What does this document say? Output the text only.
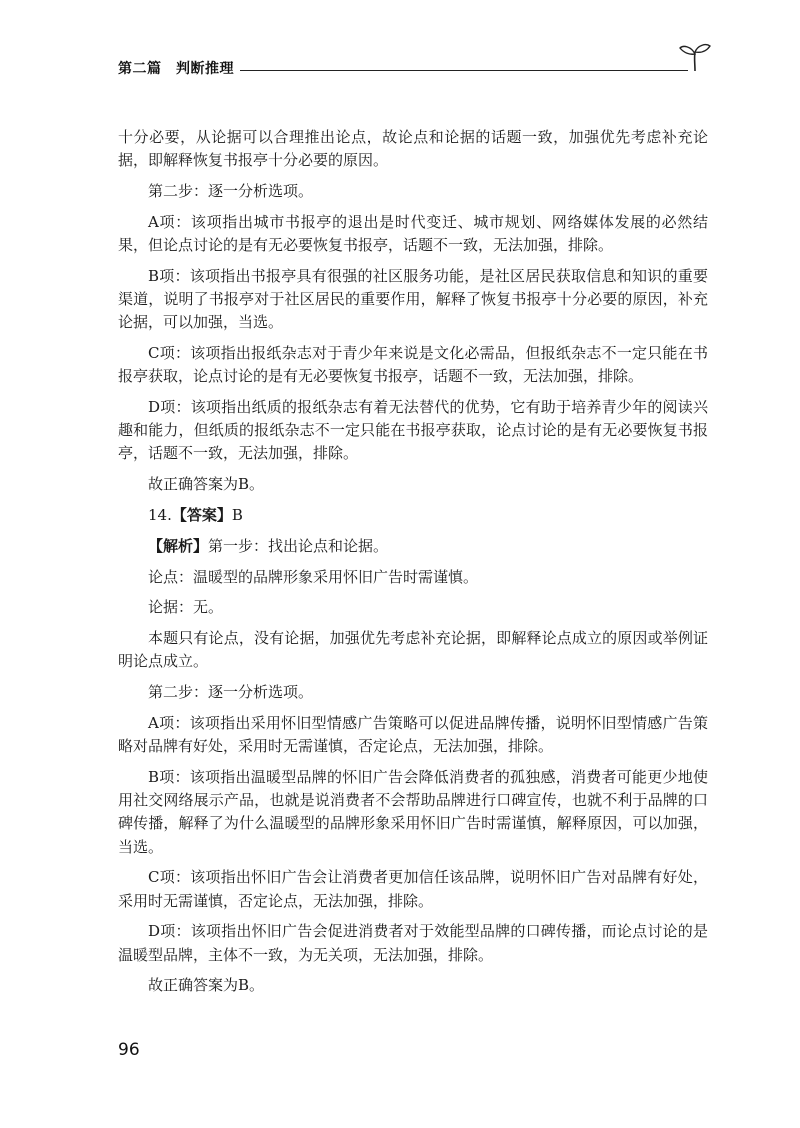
第二篇　判断推理

十分必要，从论据可以合理推出论点，故论点和论据的话题一致，加强优先考虑补充论据，即解释恢复书报亭十分必要的原因。

第二步：逐一分析选项。

A项：该项指出城市书报亭的退出是时代变迁、城市规划、网络媒体发展的必然结果，但论点讨论的是有无必要恢复书报亭，话题不一致，无法加强，排除。

B项：该项指出书报亭具有很强的社区服务功能，是社区居民获取信息和知识的重要渠道，说明了书报亭对于社区居民的重要作用，解释了恢复书报亭十分必要的原因，补充论据，可以加强，当选。

C项：该项指出报纸杂志对于青少年来说是文化必需品，但报纸杂志不一定只能在书报亭获取，论点讨论的是有无必要恢复书报亭，话题不一致，无法加强，排除。

D项：该项指出纸质的报纸杂志有着无法替代的优势，它有助于培养青少年的阅读兴趣和能力，但纸质的报纸杂志不一定只能在书报亭获取，论点讨论的是有无必要恢复书报亭，话题不一致，无法加强，排除。

故正确答案为B。

14.【答案】B

【解析】第一步：找出论点和论据。

论点：温暖型的品牌形象采用怀旧广告时需谨慎。

论据：无。

本题只有论点，没有论据，加强优先考虑补充论据，即解释论点成立的原因或举例证明论点成立。

第二步：逐一分析选项。

A项：该项指出采用怀旧型情感广告策略可以促进品牌传播，说明怀旧型情感广告策略对品牌有好处，采用时无需谨慎，否定论点，无法加强，排除。

B项：该项指出温暖型品牌的怀旧广告会降低消费者的孤独感，消费者可能更少地使用社交网络展示产品，也就是说消费者不会帮助品牌进行口碑宣传，也就不利于品牌的口碑传播，解释了为什么温暖型的品牌形象采用怀旧广告时需谨慎，解释原因，可以加强，当选。

C项：该项指出怀旧广告会让消费者更加信任该品牌，说明怀旧广告对品牌有好处，采用时无需谨慎，否定论点，无法加强，排除。

D项：该项指出怀旧广告会促进消费者对于效能型品牌的口碑传播，而论点讨论的是温暖型品牌，主体不一致，为无关项，无法加强，排除。

故正确答案为B。

96
